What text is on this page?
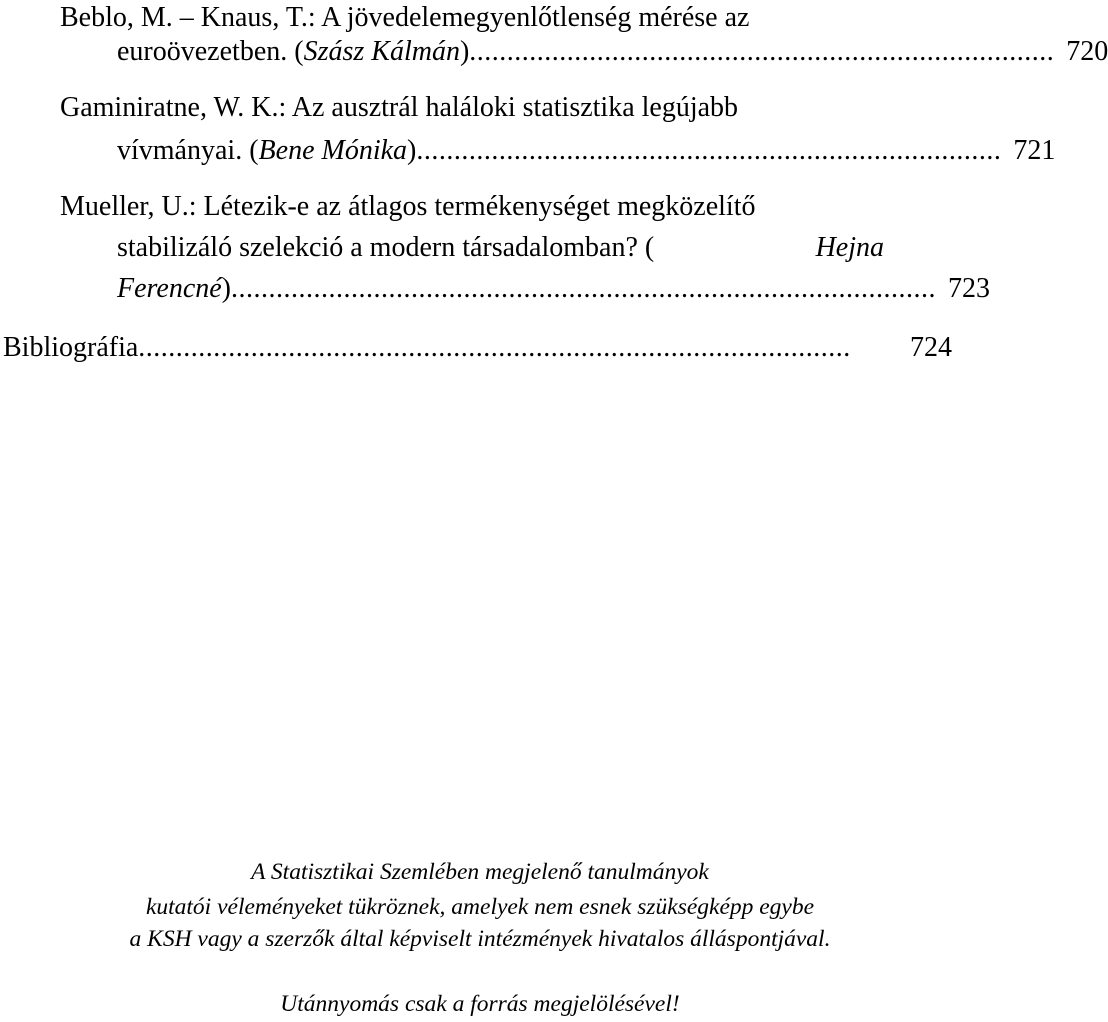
Beblo, M. – Knaus, T.: A jövedelemegyenlőtlenség mérése az
euroövezetben. ( Szász Kálmán ) .............................................................................. 720
Gaminiratne, W. K.: Az ausztrál haláloki statisztika legújabb
vívmányai. ( Bene Mónika ) .............................................................................. 721
Mueller, U.: Létezik-e az átlagos termékenységet megközelítő
stabilizáló szelekció a modern társadalomban? (	Hejna
Ferencné ) .............................................................................................. 723
Bibliográfia ...............................................................................................	724
A Statisztikai Szemlében megjelenő tanulmányok
kutatói véleményeket tükröznek, amelyek nem esnek szükségképp egybe
a KSH vagy a szerzők által képviselt intézmények hivatalos álláspontjával.
Utánnyomás csak a forrás megjelölésével!
